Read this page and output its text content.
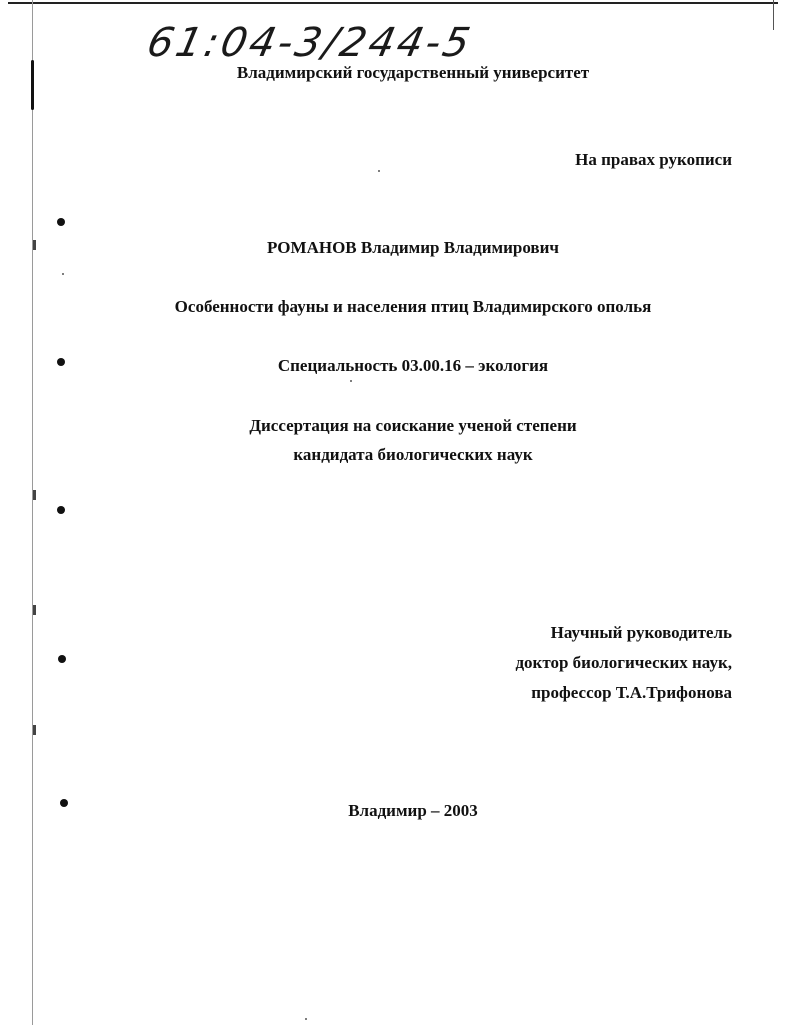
61:04-3/244-5
Владимирский государственный университет
На правах рукописи
РОМАНОВ Владимир Владимирович
Особенности фауны и населения птиц Владимирского ополья
Специальность 03.00.16 – экология
Диссертация на соискание ученой степени
кандидата биологических наук
Научный руководитель
доктор биологических наук,
профессор Т.А.Трифонова
Владимир – 2003
